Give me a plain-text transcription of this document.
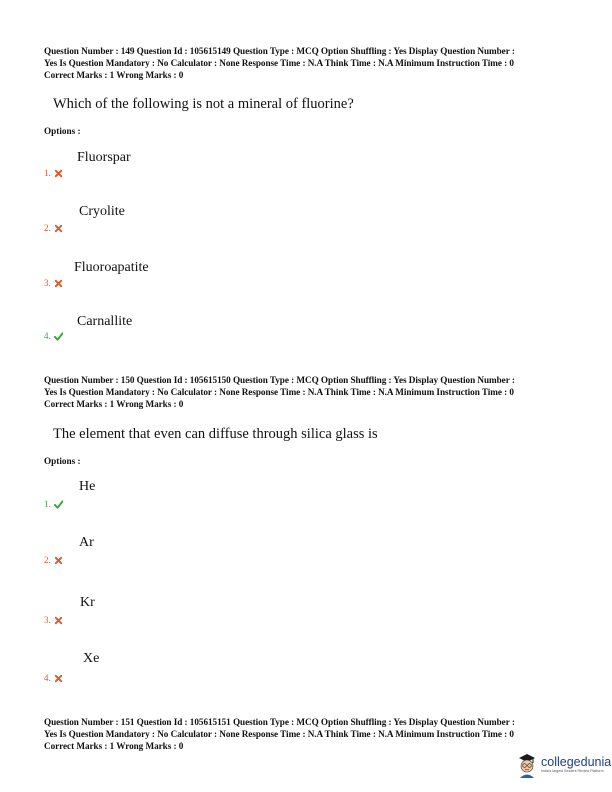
Question Number : 149 Question Id : 105615149 Question Type : MCQ Option Shuffling : Yes Display Question Number :
Yes Is Question Mandatory : No Calculator : None Response Time : N.A Think Time : N.A Minimum Instruction Time : 0
Correct Marks : 1 Wrong Marks : 0
Which of the following is not a mineral of fluorine?
Options :
Fluorspar
1.
Cryolite
2.
Fluoroapatite
3.
Carnallite
4.
Question Number : 150 Question Id : 105615150 Question Type : MCQ Option Shuffling : Yes Display Question Number :
Yes Is Question Mandatory : No Calculator : None Response Time : N.A Think Time : N.A Minimum Instruction Time : 0
Correct Marks : 1 Wrong Marks : 0
The element that even can diffuse through silica glass is
Options :
He
1.
Ar
2.
Kr
3.
Xe
4.
Question Number : 151 Question Id : 105615151 Question Type : MCQ Option Shuffling : Yes Display Question Number :
Yes Is Question Mandatory : No Calculator : None Response Time : N.A Think Time : N.A Minimum Instruction Time : 0
Correct Marks : 1 Wrong Marks : 0
collegedunia
India's largest Student Review Platform
